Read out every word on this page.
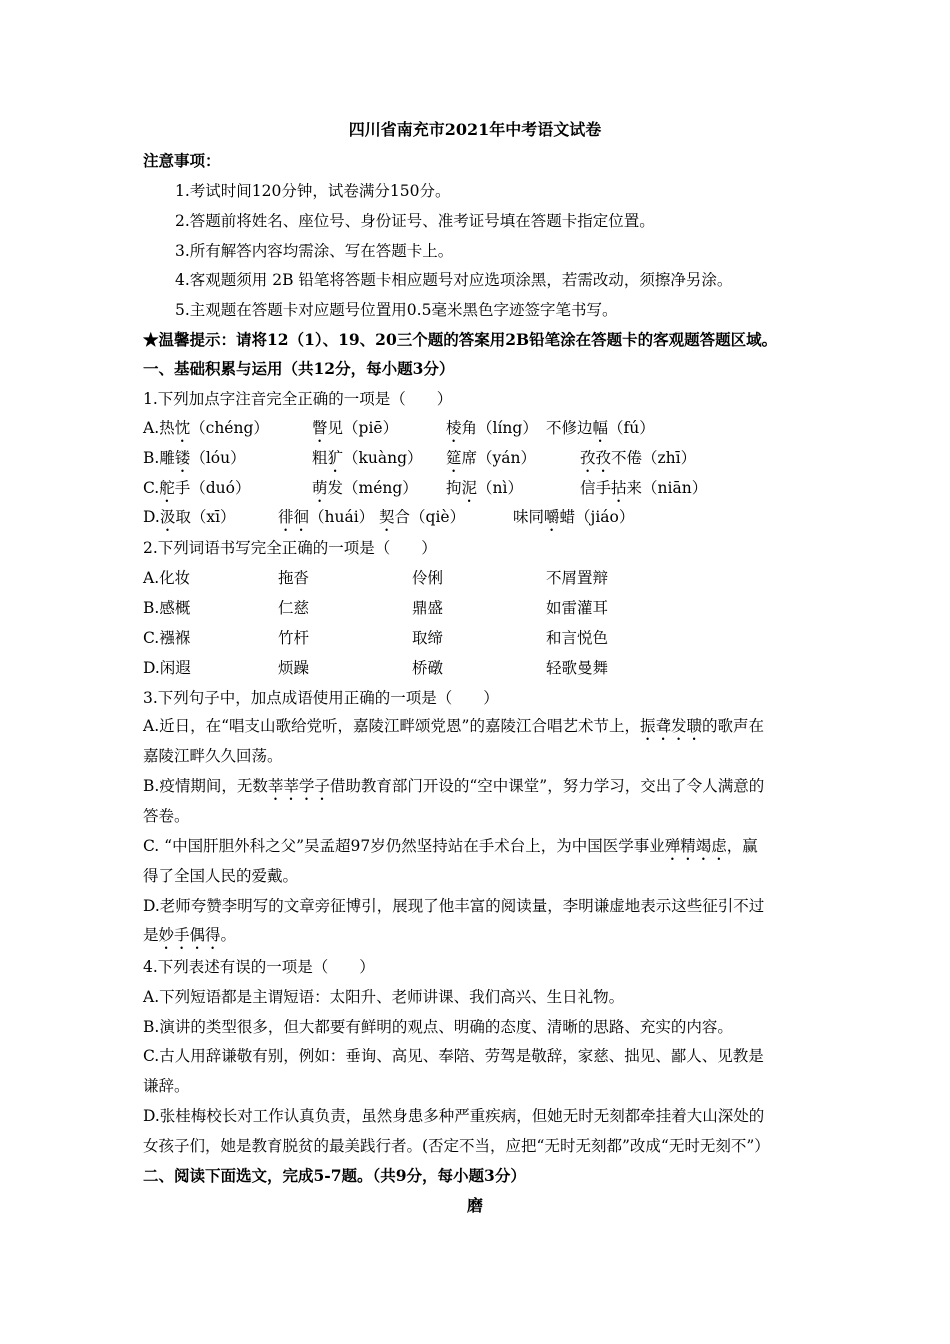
四川省南充市2021年中考语文试卷
注意事项：
1.考试时间120分钟，试卷满分150分。
2.答题前将姓名、座位号、身份证号、准考证号填在答题卡指定位置。
3.所有解答内容均需涂、写在答题卡上。
4.客观题须用 2B 铅笔将答题卡相应题号对应选项涂黑，若需改动，须擦净另涂。
5.主观题在答题卡对应题号位置用0.5毫米黑色字迹签字笔书写。
★温馨提示：请将12（1）、19、20三个题的答案用2B铅笔涂在答题卡的客观题答题区域。
一、基础积累与运用（共12分，每小题3分）
1.下列加点字注音完全正确的一项是（　　）
A.热忱（chéng）	瞥见（piē）	棱角（líng） 不修边幅（fú）
B.雕镂（lóu）	粗犷（kuàng） 筵席（yán）	孜孜不倦（zhī）
C.舵手（duó）	萌发（méng） 拘泥（nì）	信手拈来（niān）
D.汲取（xī）	徘徊（huái） 契合（qiè）	味同嚼蜡（jiáo）
2.下列词语书写完全正确的一项是（　　）
A.化妆	拖沓	伶俐	不屑置辩
B.感概	仁慈	鼎盛	如雷灌耳
C.襁褓	竹杆	取缔	和言悦色
D.闲遐	烦躁	桥礅	轻歌曼舞
3.下列句子中，加点成语使用正确的一项是（　　）
A.近日，在“唱支山歌给党听，嘉陵江畔颂党恩”的嘉陵江合唱艺术节上，振聋发聩的歌声在
嘉陵江畔久久回荡。
B.疫情期间，无数莘莘学子借助教育部门开设的“空中课堂”，努力学习，交出了令人满意的
答卷。
C. “中国肝胆外科之父”吴孟超97岁仍然坚持站在手术台上，为中国医学事业殚精竭虑，赢
得了全国人民的爱戴。
D.老师夸赞李明写的文章旁征博引，展现了他丰富的阅读量，李明谦虚地表示这些征引不过
是妙手偶得。
4.下列表述有误的一项是（　　）
A.下列短语都是主谓短语：太阳升、老师讲课、我们高兴、生日礼物。
B.演讲的类型很多，但大都要有鲜明的观点、明确的态度、清晰的思路、充实的内容。
C.古人用辞谦敬有别，例如：垂询、高见、奉陪、劳驾是敬辞，家慈、拙见、鄙人、见教是
谦辞。
D.张桂梅校长对工作认真负责，虽然身患多种严重疾病，但她无时无刻都牵挂着大山深处的
女孩子们，她是教育脱贫的最美践行者。(否定不当，应把“无时无刻都”改成“无时无刻不”）
二、阅读下面选文，完成5-7题。（共9分，每小题3分）
磨
